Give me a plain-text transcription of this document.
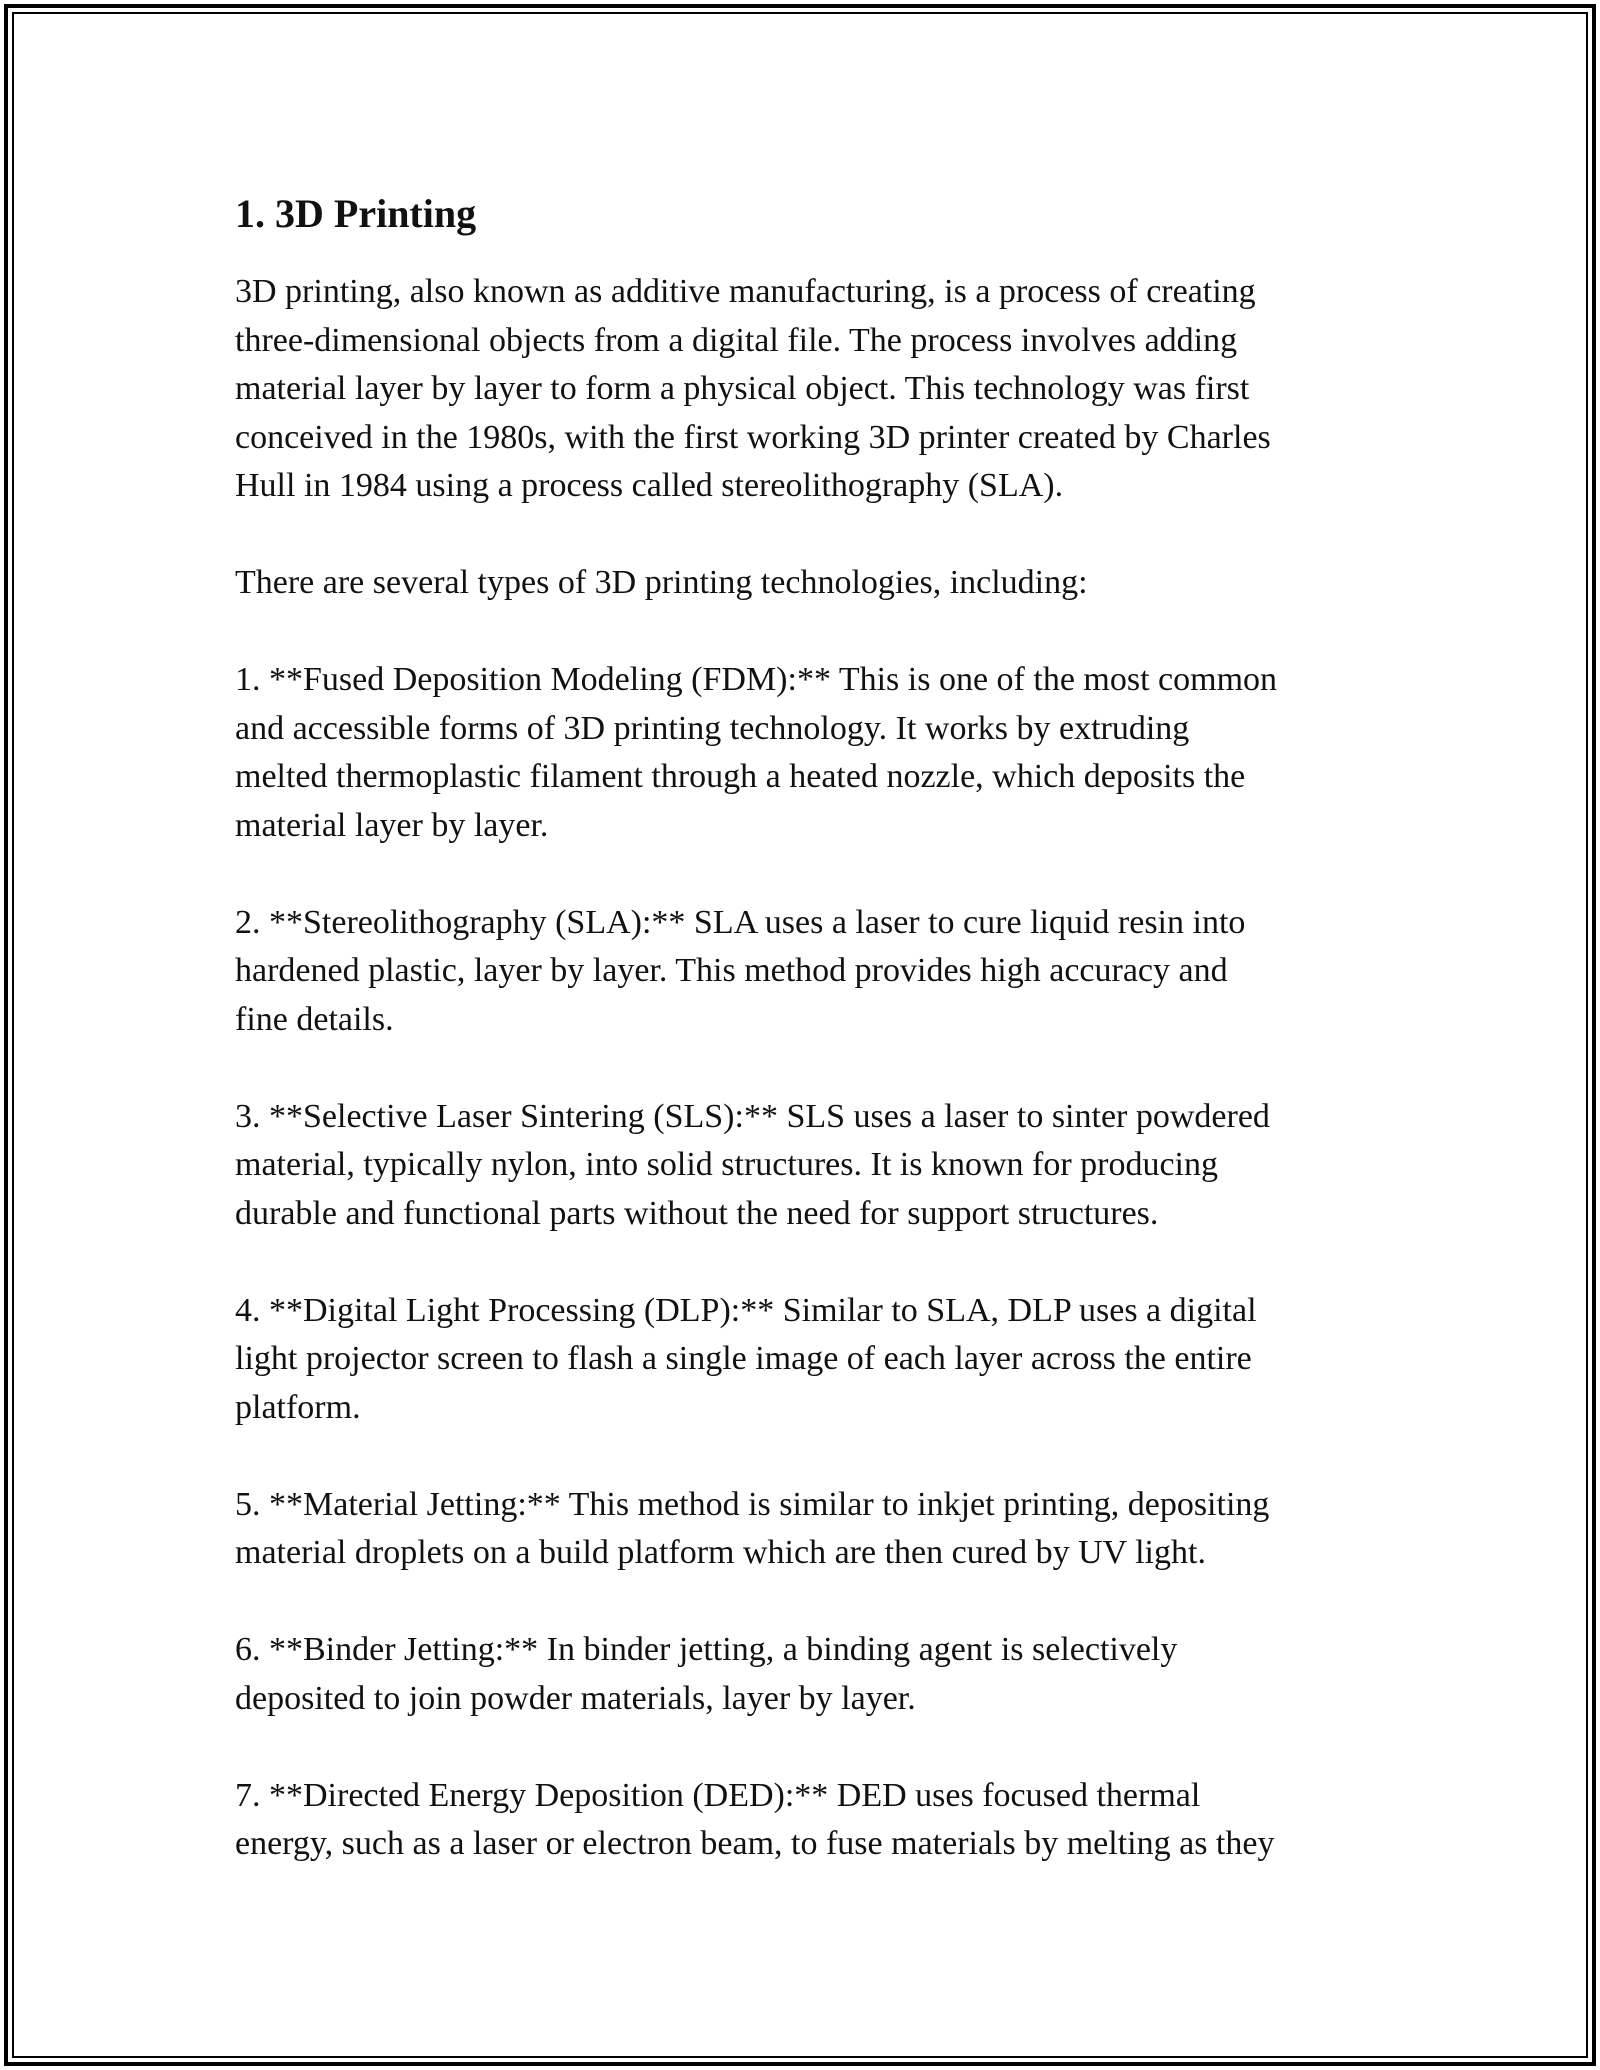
1. 3D Printing

3D printing, also known as additive manufacturing, is a process of creating
three-dimensional objects from a digital file. The process involves adding
material layer by layer to form a physical object. This technology was first
conceived in the 1980s, with the first working 3D printer created by Charles
Hull in 1984 using a process called stereolithography (SLA).

There are several types of 3D printing technologies, including:

1. **Fused Deposition Modeling (FDM):** This is one of the most common
and accessible forms of 3D printing technology. It works by extruding
melted thermoplastic filament through a heated nozzle, which deposits the
material layer by layer.

2. **Stereolithography (SLA):** SLA uses a laser to cure liquid resin into
hardened plastic, layer by layer. This method provides high accuracy and
fine details.

3. **Selective Laser Sintering (SLS):** SLS uses a laser to sinter powdered
material, typically nylon, into solid structures. It is known for producing
durable and functional parts without the need for support structures.

4. **Digital Light Processing (DLP):** Similar to SLA, DLP uses a digital
light projector screen to flash a single image of each layer across the entire
platform.

5. **Material Jetting:** This method is similar to inkjet printing, depositing
material droplets on a build platform which are then cured by UV light.

6. **Binder Jetting:** In binder jetting, a binding agent is selectively
deposited to join powder materials, layer by layer.

7. **Directed Energy Deposition (DED):** DED uses focused thermal
energy, such as a laser or electron beam, to fuse materials by melting as they
